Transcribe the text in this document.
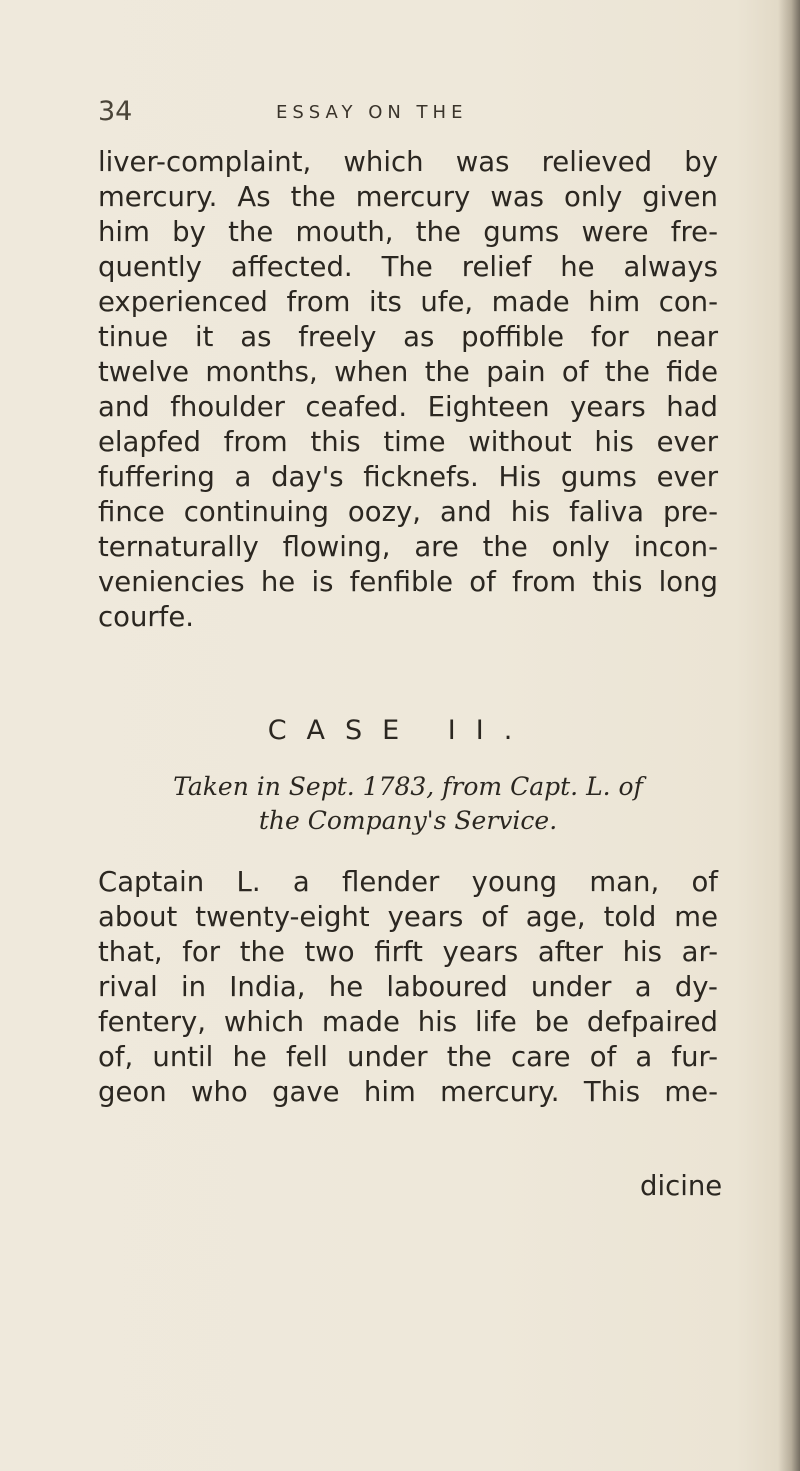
34	ESSAY ON THE
liver-complaint, which was relieved by
mercury. As the mercury was only given
him by the mouth, the gums were fre-
quently affected. The relief he always
experienced from its ufe, made him con-
tinue it as freely as poffible for near
twelve months, when the pain of the fide
and fhoulder ceafed. Eighteen years had
elapfed from this time without his ever
fuffering a day's ficknefs. His gums ever
fince continuing oozy, and his faliva pre-
ternaturally flowing, are the only incon-
veniencies he is fenfible of from this long
courfe.
CASE II.
Taken in Sept. 1783, from Capt. L. of
the Company's Service.
Captain L. a flender young man, of
about twenty-eight years of age, told me
that, for the two firft years after his ar-
rival in India, he laboured under a dy-
fentery, which made his life be defpaired
of, until he fell under the care of a fur-
geon who gave him mercury. This me-
dicine
